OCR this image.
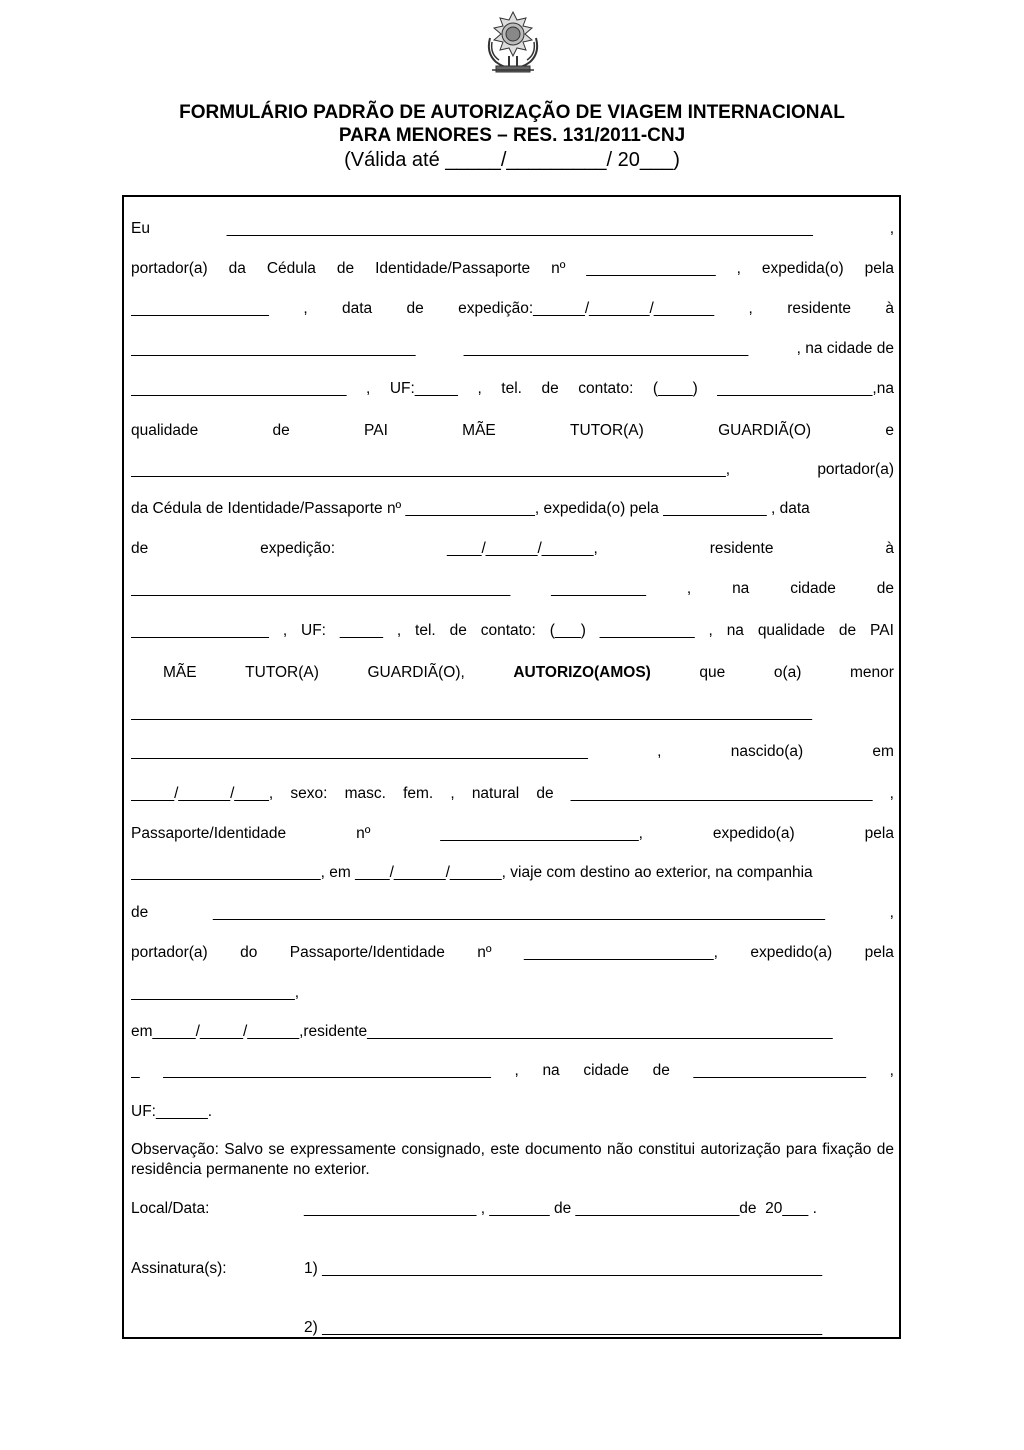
FORMULÁRIO PADRÃO DE AUTORIZAÇÃO DE VIAGEM INTERNACIONAL
PARA MENORES – RES. 131/2011-CNJ
(Válida até _____/_________/ 20___)
Eu	____________________________________________________________________	,
portador(a) da Cédula de Identidade/Passaporte nº _______________ , expedida(o) pela
________________ , data de expedição:______/_______/_______ , residente à
_________________________________	_________________________________	, na cidade de
_________________________ , UF:_____ , tel. de contato: (____) __________________,na
qualidade	de	PAI	MÃE	TUTOR(A)	GUARDIÃ(O)	e
_____________________________________________________________________,	portador(a)
da Cédula de Identidade/Passaporte nº _______________, expedida(o) pela ____________ , data
de	expedição:	____/______/______,	residente	à
____________________________________________	___________	,	na	cidade	de
________________ , UF: _____ , tel. de contato: (___) ___________ , na qualidade de PAI
MÃE	TUTOR(A)	GUARDIÃ(O),	AUTORIZO(AMOS)	que	o(a)	menor
_______________________________________________________________________________
_____________________________________________________	,	nascido(a)	em
_____/______/____, sexo: masc. fem. , natural de ___________________________________ ,
Passaporte/Identidade	nº	_______________________,	expedido(a)	pela
______________________, em ____/______/______, viaje com destino ao exterior, na companhia
de	_______________________________________________________________________	,
portador(a) do Passaporte/Identidade nº ______________________, expedido(a) pela
___________________,
em_____/_____/______,residente______________________________________________________
_ ______________________________________ , na cidade de ____________________ ,
UF:______.
Observação: Salvo se expressamente consignado, este documento não constitui autorização para fixação de residência permanente no exterior.
Local/Data:	____________________ , _______ de ___________________de  20___ .
Assinatura(s):	1) __________________________________________________________
2) __________________________________________________________
